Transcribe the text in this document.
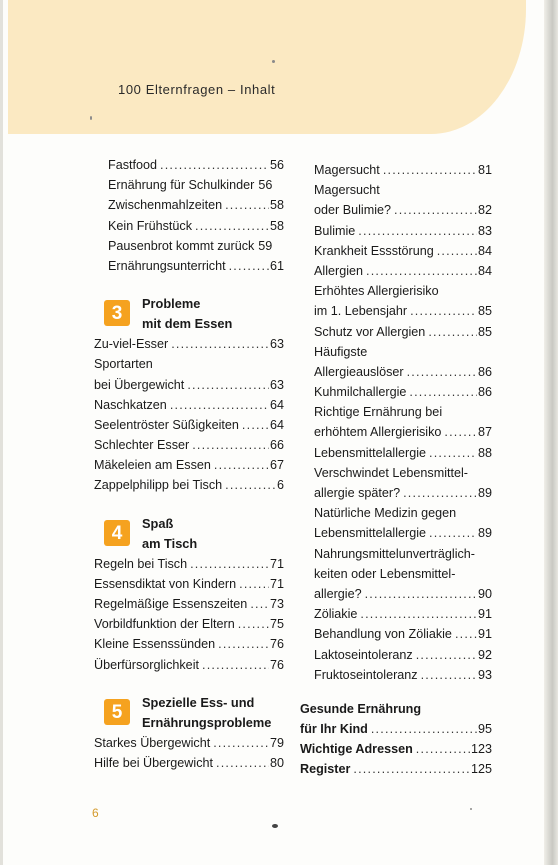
100 Elternfragen – Inhalt
Fastfood .....	56
Ernährung für Schulkinder 56
Zwischenmahlzeiten .....	58
Kein Frühstück .....	58
Pausenbrot kommt zurück 59
Ernährungsunterricht .....	61
3	Probleme
mit dem Essen
Zu-viel-Esser .....	63
Sportarten
bei Übergewicht .....	63
Naschkatzen .....	64
Seelentröster Süßigkeiten ..... 64
Schlechter Esser .....	66
Mäkeleien am Essen .....	67
Zappelphilipp bei Tisch .....	6
4	Spaß
am Tisch
Regeln bei Tisch .....	71
Essensdiktat von Kindern .....	71
Regelmäßige Essenszeiten ..... 73
Vorbildfunktion der Eltern .....	75
Kleine Essenssünden .....	76
Überfürsorglichkeit .....	76
5	Spezielle Ess- und
Ernährungsprobleme
Starkes Übergewicht .....	79
Hilfe bei Übergewicht .....	80
Magersucht .....	81
Magersucht
oder Bulimie? .....	82
Bulimie .....	83
Krankheit Essstörung .....	84
Allergien .....	84
Erhöhtes Allergierisiko
im 1. Lebensjahr .....	85
Schutz vor Allergien .....	85
Häufigste
Allergieauslöser .....	86
Kuhmilchallergie .....	86
Richtige Ernährung bei
erhöhtem Allergierisiko .....	87
Lebensmittelallergie .....	88
Verschwindet Lebensmittel-
allergie später? .....	89
Natürliche Medizin gegen
Lebensmittelallergie .....	89
Nahrungsmittelunverträglich-
keiten oder Lebensmittel-
allergie? .....	90
Zöliakie .....	91
Behandlung von Zöliakie ..... 91
Laktoseintoleranz .....	92
Fruktoseintoleranz .....	93
Gesunde Ernährung
für Ihr Kind .....	95
Wichtige Adressen .....	123
Register .....	125
6
